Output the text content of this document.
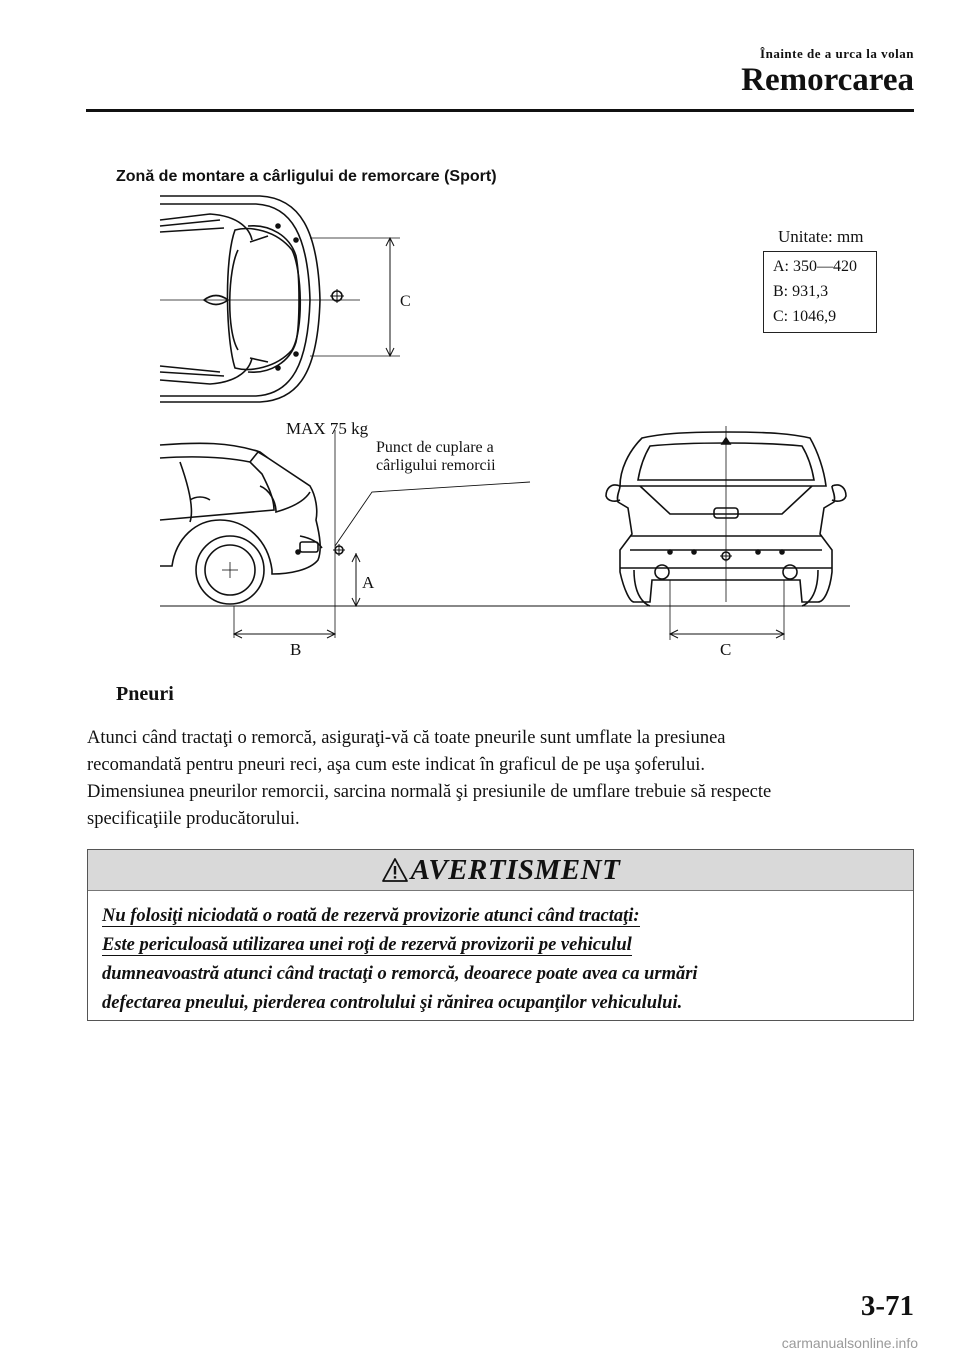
Înainte de a urca la volan
Remorcarea
Zonă de montare a cârligului de remorcare (Sport)
C
MAX 75 kg
Punct de cuplare a
cârligului remorcii
A
B	C
Unitate: mm
A: 350—420
B: 931,3
C: 1046,9
Pneuri

Atunci când tractaţi o remorcă, asiguraţi-vă că toate pneurile sunt umflate la presiunea

recomandată pentru pneuri reci, aşa cum este indicat în graficul de pe uşa şoferului.

Dimensiunea pneurilor remorcii, sarcina normală şi presiunile de umflare trebuie să respecte

specificaţiile producătorului.

AVERTISMENT

Nu folosiţi niciodată o roată de rezervă provizorie atunci când tractaţi:

Este periculoasă utilizarea unei roţi de rezervă provizorii pe vehiculul

dumneavoastră atunci când tractaţi o remorcă, deoarece poate avea ca urmări

defectarea pneului, pierderea controlului şi rănirea ocupanţilor vehiculului.

3-71
carmanualsonline.info
